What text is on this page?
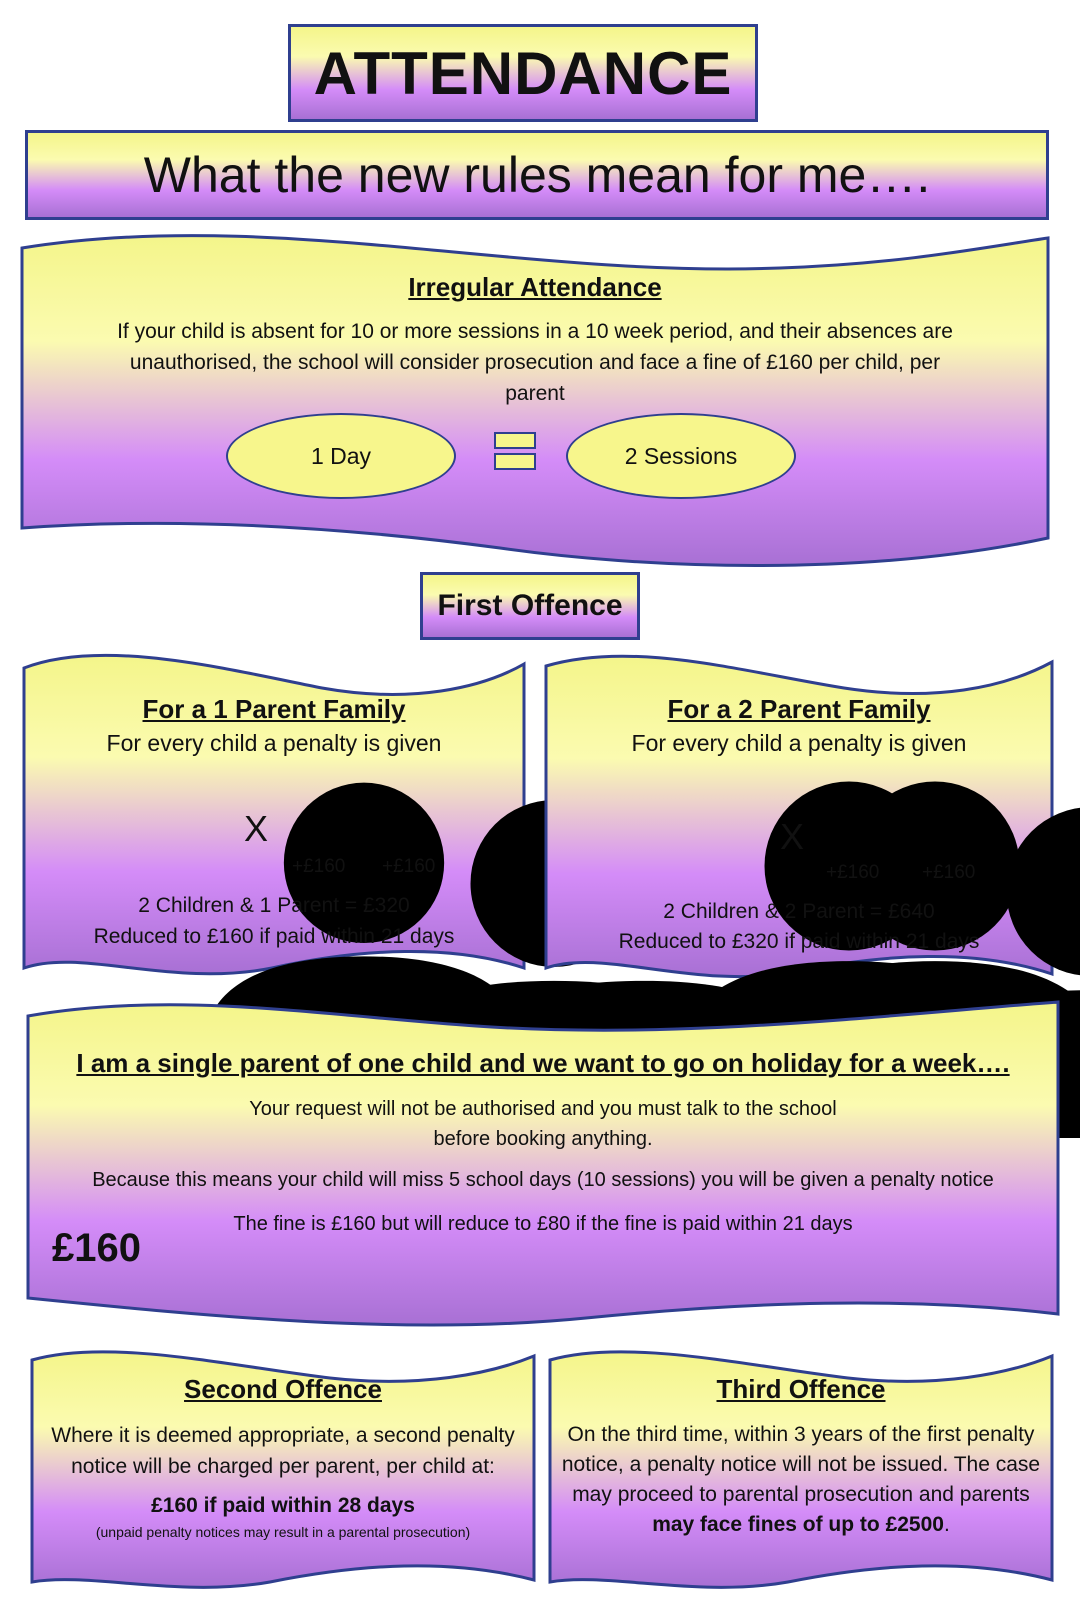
ATTENDANCE
What the new rules mean for me….
Irregular Attendance
If your child is absent for 10 or more sessions in a 10 week period, and their absences are
unauthorised, the school will consider prosecution and face a fine of £160 per child, per
parent
1 Day	2 Sessions
First Offence
For a 1 Parent Family
For every child a penalty is given
X
+£160 +£160
2 Children & 1 Parent = £320
Reduced to £160 if paid within 21 days
For a 2 Parent Family
For every child a penalty is given
X
+£160 +£160
2 Children & 2 Parent = £640
Reduced to £320 if paid within 21 days
I am a single parent of one child and we want to go on holiday for a week….
Your request will not be authorised and you must talk to the school
before booking anything.
Because this means your child will miss 5 school days (10 sessions) you will be given a penalty notice
The fine is £160 but will reduce to £80 if the fine is paid within 21 days
£160
Second Offence
Where it is deemed appropriate, a second penalty
notice will be charged per parent, per child at:
£160 if paid within 28 days
(unpaid penalty notices may result in a parental prosecution)
Third Offence
On the third time, within 3 years of the first penalty
notice, a penalty notice will not be issued. The case
may proceed to parental prosecution and parents
may face fines of up to £2500.
